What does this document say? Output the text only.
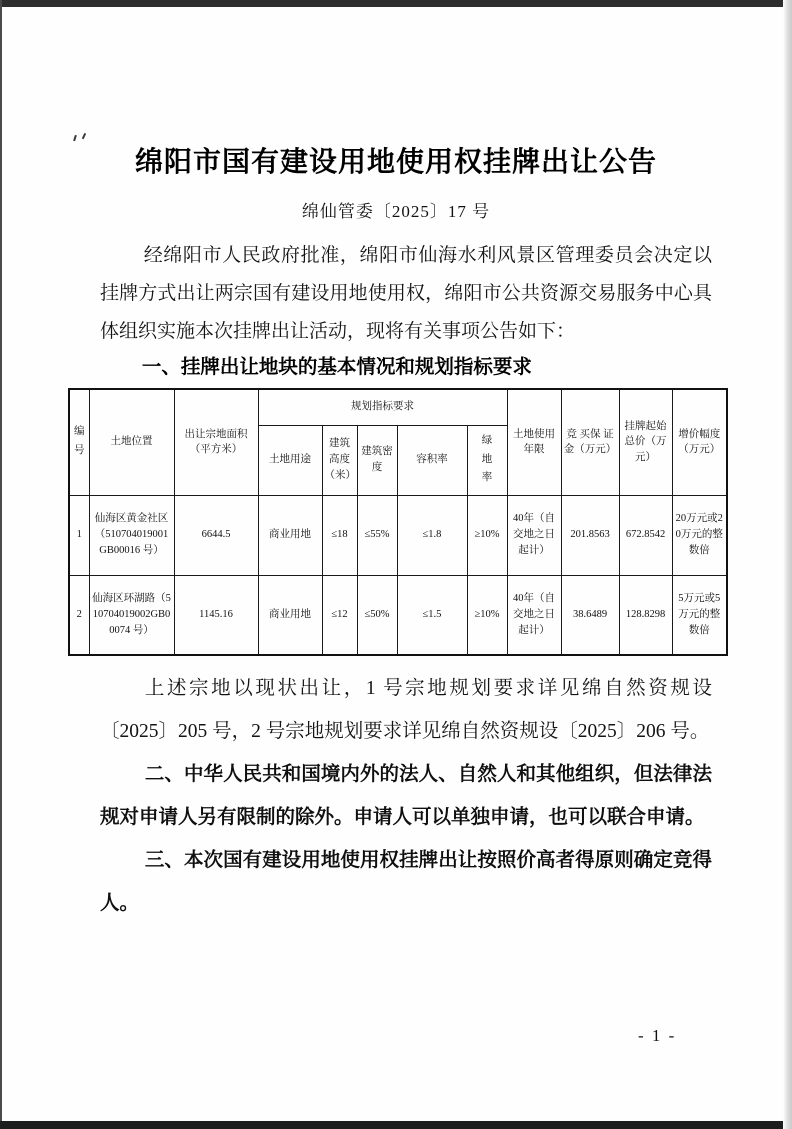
绵阳市国有建设用地使用权挂牌出让公告
绵仙管委〔2025〕17 号

经绵阳市人民政府批准，绵阳市仙海水利风景区管理委员会决定以挂牌方式出让两宗国有建设用地使用权，绵阳市公共资源交易服务中心具体组织实施本次挂牌出让活动，现将有关事项公告如下：

一、挂牌出让地块的基本情况和规划指标要求
编号	土地位置	出让宗地面积（平方米）	规划指标要求					土地使用年限	竞 买保 证 金（万元）	挂牌起始总价（万元）	增价幅度（万元）
			土地用途	建筑高度（米）	建筑密度	容积率	绿地率				
1	仙海区黄金社区（510704019001GB00016 号）	6644.5	商业用地	≤18	≤55%	≤1.8	≥10%	40年（自交地之日起计）	201.8563	672.8542	20万元或20万元的整数倍
2	仙海区环湖路（510704019002GB00074 号）	1145.16	商业用地	≤12	≤50%	≤1.5	≥10%	40年（自交地之日起计）	38.6489	128.8298	5万元或5万元的整数倍

上述宗地以现状出让，1 号宗地规划要求详见绵自然资规设〔2025〕205 号，2 号宗地规划要求详见绵自然资规设〔2025〕206 号。

二、中华人民共和国境内外的法人、自然人和其他组织，但法律法规对申请人另有限制的除外。申请人可以单独申请，也可以联合申请。

三、本次国有建设用地使用权挂牌出让按照价高者得原则确定竞得人。

- 1 -
